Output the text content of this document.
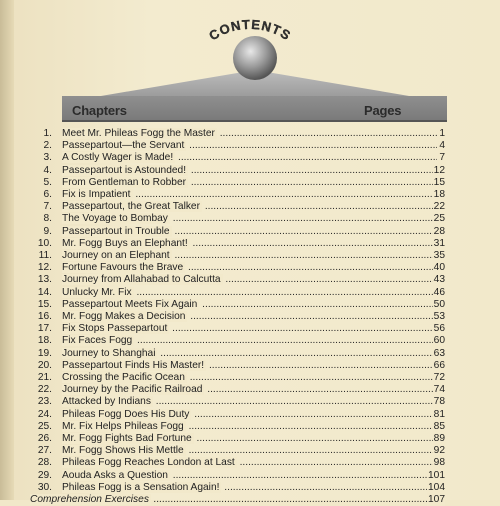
CONTENTS
Chapters	Pages
1. Meet Mr. Phileas Fogg the Master .....	1
2. Passepartout—the Servant .....	4
3. A Costly Wager is Made! .....	7
4. Passepartout is Astounded! .....	12
5. From Gentleman to Robber .....	15
6. Fix is Impatient .....	18
7. Passepartout, the Great Talker .....	22
8. The Voyage to Bombay .....	25
9. Passepartout in Trouble .....	28
10. Mr. Fogg Buys an Elephant! .....	31
11. Journey on an Elephant .....	35
12. Fortune Favours the Brave .....	40
13. Journey from Allahabad to Calcutta .....	43
14. Unlucky Mr. Fix .....	46
15. Passepartout Meets Fix Again .....	50
16. Mr. Fogg Makes a Decision .....	53
17. Fix Stops Passepartout .....	56
18. Fix Faces Fogg .....	60
19. Journey to Shanghai .....	63
20. Passepartout Finds His Master! .....	66
21. Crossing the Pacific Ocean .....	72
22. Journey by the Pacific Railroad .....	74
23. Attacked by Indians .....	78
24. Phileas Fogg Does His Duty .....	81
25. Mr. Fix Helps Phileas Fogg .....	85
26. Mr. Fogg Fights Bad Fortune .....	89
27. Mr. Fogg Shows His Mettle .....	92
28. Phileas Fogg Reaches London at Last .....	98
29. Aouda Asks a Question .....	101
30. Phileas Fogg is a Sensation Again! .....	104
Comprehension Exercises .....	107
